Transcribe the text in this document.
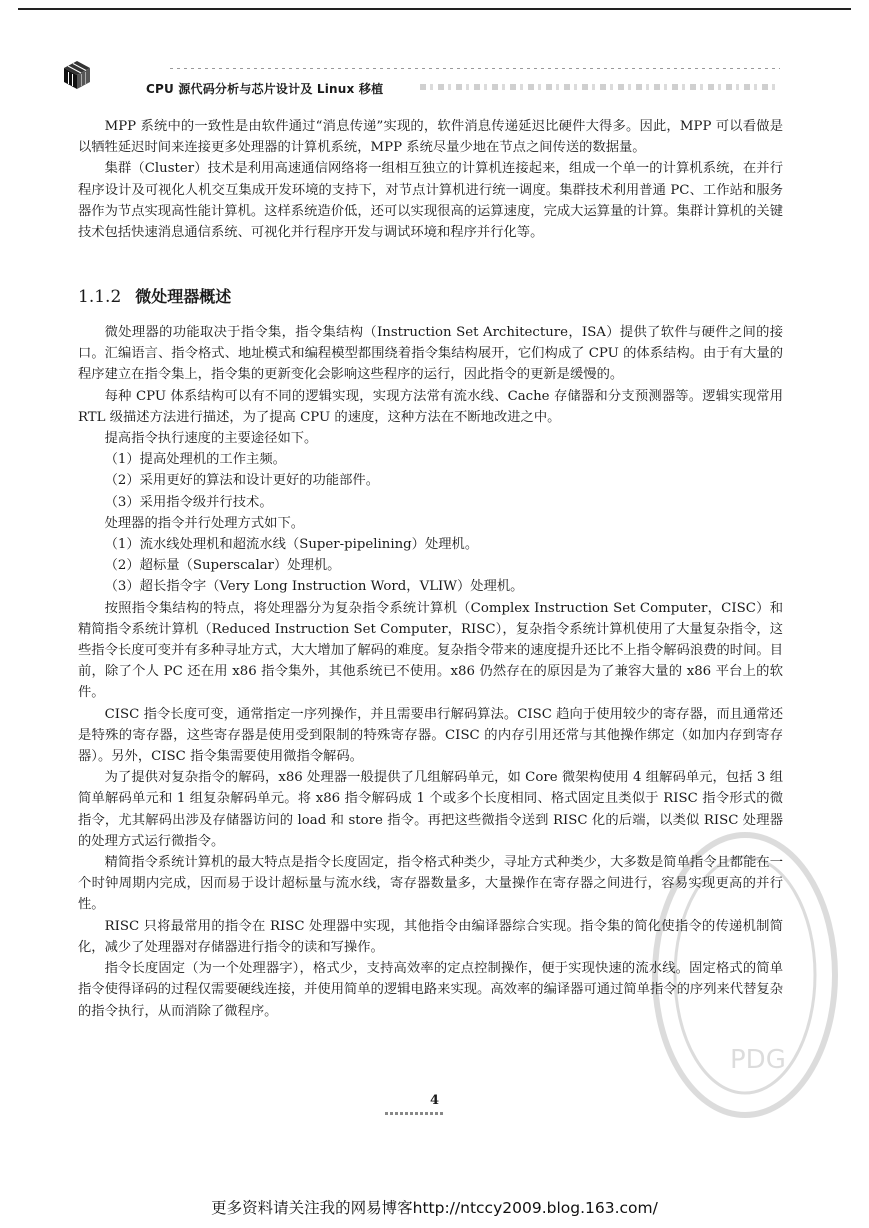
CPU 源代码分析与芯片设计及 Linux 移植

MPP 系统中的一致性是由软件通过“消息传递”实现的，软件消息传递延迟比硬件大得多。因此，MPP 可以看做是以牺牲延迟时间来连接更多处理器的计算机系统，MPP 系统尽量少地在节点之间传送的数据量。

集群（Cluster）技术是利用高速通信网络将一组相互独立的计算机连接起来，组成一个单一的计算机系统，在并行程序设计及可视化人机交互集成开发环境的支持下，对节点计算机进行统一调度。集群技术利用普通 PC、工作站和服务器作为节点实现高性能计算机。这样系统造价低，还可以实现很高的运算速度，完成大运算量的计算。集群计算机的关键技术包括快速消息通信系统、可视化并行程序开发与调试环境和程序并行化等。

1.1.2 微处理器概述

微处理器的功能取决于指令集，指令集结构（Instruction Set Architecture，ISA）提供了软件与硬件之间的接口。汇编语言、指令格式、地址模式和编程模型都围绕着指令集结构展开，它们构成了 CPU 的体系结构。由于有大量的程序建立在指令集上，指令集的更新变化会影响这些程序的运行，因此指令的更新是缓慢的。

每种 CPU 体系结构可以有不同的逻辑实现，实现方法常有流水线、Cache 存储器和分支预测器等。逻辑实现常用 RTL 级描述方法进行描述，为了提高 CPU 的速度，这种方法在不断地改进之中。

提高指令执行速度的主要途径如下。

（1）提高处理机的工作主频。

（2）采用更好的算法和设计更好的功能部件。

（3）采用指令级并行技术。

处理器的指令并行处理方式如下。

（1）流水线处理机和超流水线（Super-pipelining）处理机。

（2）超标量（Superscalar）处理机。

（3）超长指令字（Very Long Instruction Word，VLIW）处理机。

按照指令集结构的特点，将处理器分为复杂指令系统计算机（Complex Instruction Set Computer，CISC）和精简指令系统计算机（Reduced Instruction Set Computer，RISC），复杂指令系统计算机使用了大量复杂指令，这些指令长度可变并有多种寻址方式，大大增加了解码的难度。复杂指令带来的速度提升还比不上指令解码浪费的时间。目前，除了个人 PC 还在用 x86 指令集外，其他系统已不使用。x86 仍然存在的原因是为了兼容大量的 x86 平台上的软件。

CISC 指令长度可变，通常指定一序列操作，并且需要串行解码算法。CISC 趋向于使用较少的寄存器，而且通常还是特殊的寄存器，这些寄存器是使用受到限制的特殊寄存器。CISC 的内存引用还常与其他操作绑定（如加内存到寄存器）。另外，CISC 指令集需要使用微指令解码。

为了提供对复杂指令的解码，x86 处理器一般提供了几组解码单元，如 Core 微架构使用 4 组解码单元，包括 3 组简单解码单元和 1 组复杂解码单元。将 x86 指令解码成 1 个或多个长度相同、格式固定且类似于 RISC 指令形式的微指令，尤其解码出涉及存储器访问的 load 和 store 指令。再把这些微指令送到 RISC 化的后端，以类似 RISC 处理器的处理方式运行微指令。

精简指令系统计算机的最大特点是指令长度固定，指令格式种类少，寻址方式种类少，大多数是简单指令且都能在一个时钟周期内完成，因而易于设计超标量与流水线，寄存器数量多，大量操作在寄存器之间进行，容易实现更高的并行性。

RISC 只将最常用的指令在 RISC 处理器中实现，其他指令由编译器综合实现。指令集的简化使指令的传递机制简化，减少了处理器对存储器进行指令的读和写操作。

指令长度固定（为一个处理器字），格式少，支持高效率的定点控制操作，便于实现快速的流水线。固定格式的简单指令使得译码的过程仅需要硬线连接，并使用简单的逻辑电路来实现。高效率的编译器可通过简单指令的序列来代替复杂的指令执行，从而消除了微程序。

4
PDG
更多资料请关注我的网易博客http://ntccy2009.blog.163.com/
